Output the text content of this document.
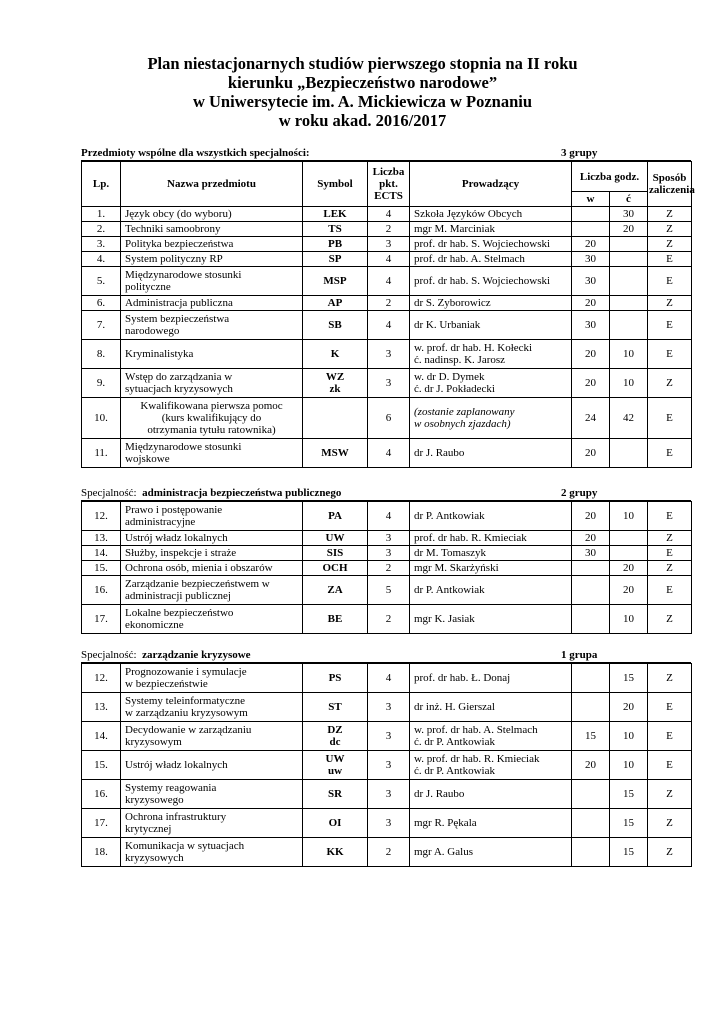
Plan niestacjonarnych studiów pierwszego stopnia na II roku
kierunku „Bezpieczeństwo narodowe”
w Uniwersytecie im. A. Mickiewicza w Poznaniu
w roku akad. 2016/2017
Przedmioty wspólne dla wszystkich specjalności:	3 grupy
Lp.	Nazwa przedmiotu	Symbol	Liczba
pkt.
ECTS	Prowadzący	Liczba godz.		Sposób
zaliczenia
					w	ć	
1.	Język obcy (do wyboru)	LEK	4	Szkoła Języków Obcych		30	Z
2.	Techniki samoobrony	TS	2	mgr M. Marciniak		20	Z
3.	Polityka bezpieczeństwa	PB	3	prof. dr hab. S. Wojciechowski	20		Z
4.	System polityczny RP	SP	4	prof. dr hab. A. Stelmach	30		E
5.	Międzynarodowe stosunki
polityczne	MSP	4	prof. dr hab. S. Wojciechowski	30		E
6.	Administracja publiczna	AP	2	dr S. Zyborowicz	20		Z
7.	System bezpieczeństwa
narodowego	SB	4	dr K. Urbaniak	30		E
8.	Kryminalistyka	K	3	w. prof. dr hab. H. Kołecki
ć. nadinsp. K. Jarosz	20	10	E
9.	Wstęp do zarządzania w
sytuacjach kryzysowych	WZ
zk	3	w. dr D. Dymek
ć. dr J. Pokładecki	20	10	Z
10.	Kwalifikowana pierwsza pomoc
(kurs kwalifikujący do
otrzymania tytułu ratownika)		6	(zostanie zaplanowany
w osobnych zjazdach)	24	42	E
11.	Międzynarodowe stosunki
wojskowe	MSW	4	dr J. Raubo	20		E
Specjalność: administracja bezpieczeństwa publicznego	2 grupy
12.	Prawo i postępowanie
administracyjne	PA	4	dr P. Antkowiak	20	10	E
13.	Ustrój władz lokalnych	UW	3	prof. dr hab. R. Kmieciak	20		Z
14.	Służby, inspekcje i straże	SIS	3	dr M. Tomaszyk	30		E
15.	Ochrona osób, mienia i obszarów	OCH	2	mgr M. Skarżyński		20	Z
16.	Zarządzanie bezpieczeństwem w
administracji publicznej	ZA	5	dr P. Antkowiak		20	E
17.	Lokalne bezpieczeństwo
ekonomiczne	BE	2	mgr K. Jasiak		10	Z
Specjalność: zarządzanie kryzysowe	1 grupa
12.	Prognozowanie i symulacje
w bezpieczeństwie	PS	4	prof. dr hab. Ł. Donaj		15	Z
13.	Systemy teleinformatyczne
w zarządzaniu kryzysowym	ST	3	dr inż. H. Gierszal		20	E
14.	Decydowanie w zarządzaniu
kryzysowym	DZ
dc	3	w. prof. dr hab. A. Stelmach
ć. dr P. Antkowiak	15	10	E
15.	Ustrój władz lokalnych	UW
uw	3	w. prof. dr hab. R. Kmieciak
ć. dr P. Antkowiak	20	10	E
16.	Systemy reagowania
kryzysowego	SR	3	dr J. Raubo		15	Z
17.	Ochrona infrastruktury
krytycznej	OI	3	mgr R. Pękala		15	Z
18.	Komunikacja w sytuacjach
kryzysowych	KK	2	mgr A. Galus		15	Z
